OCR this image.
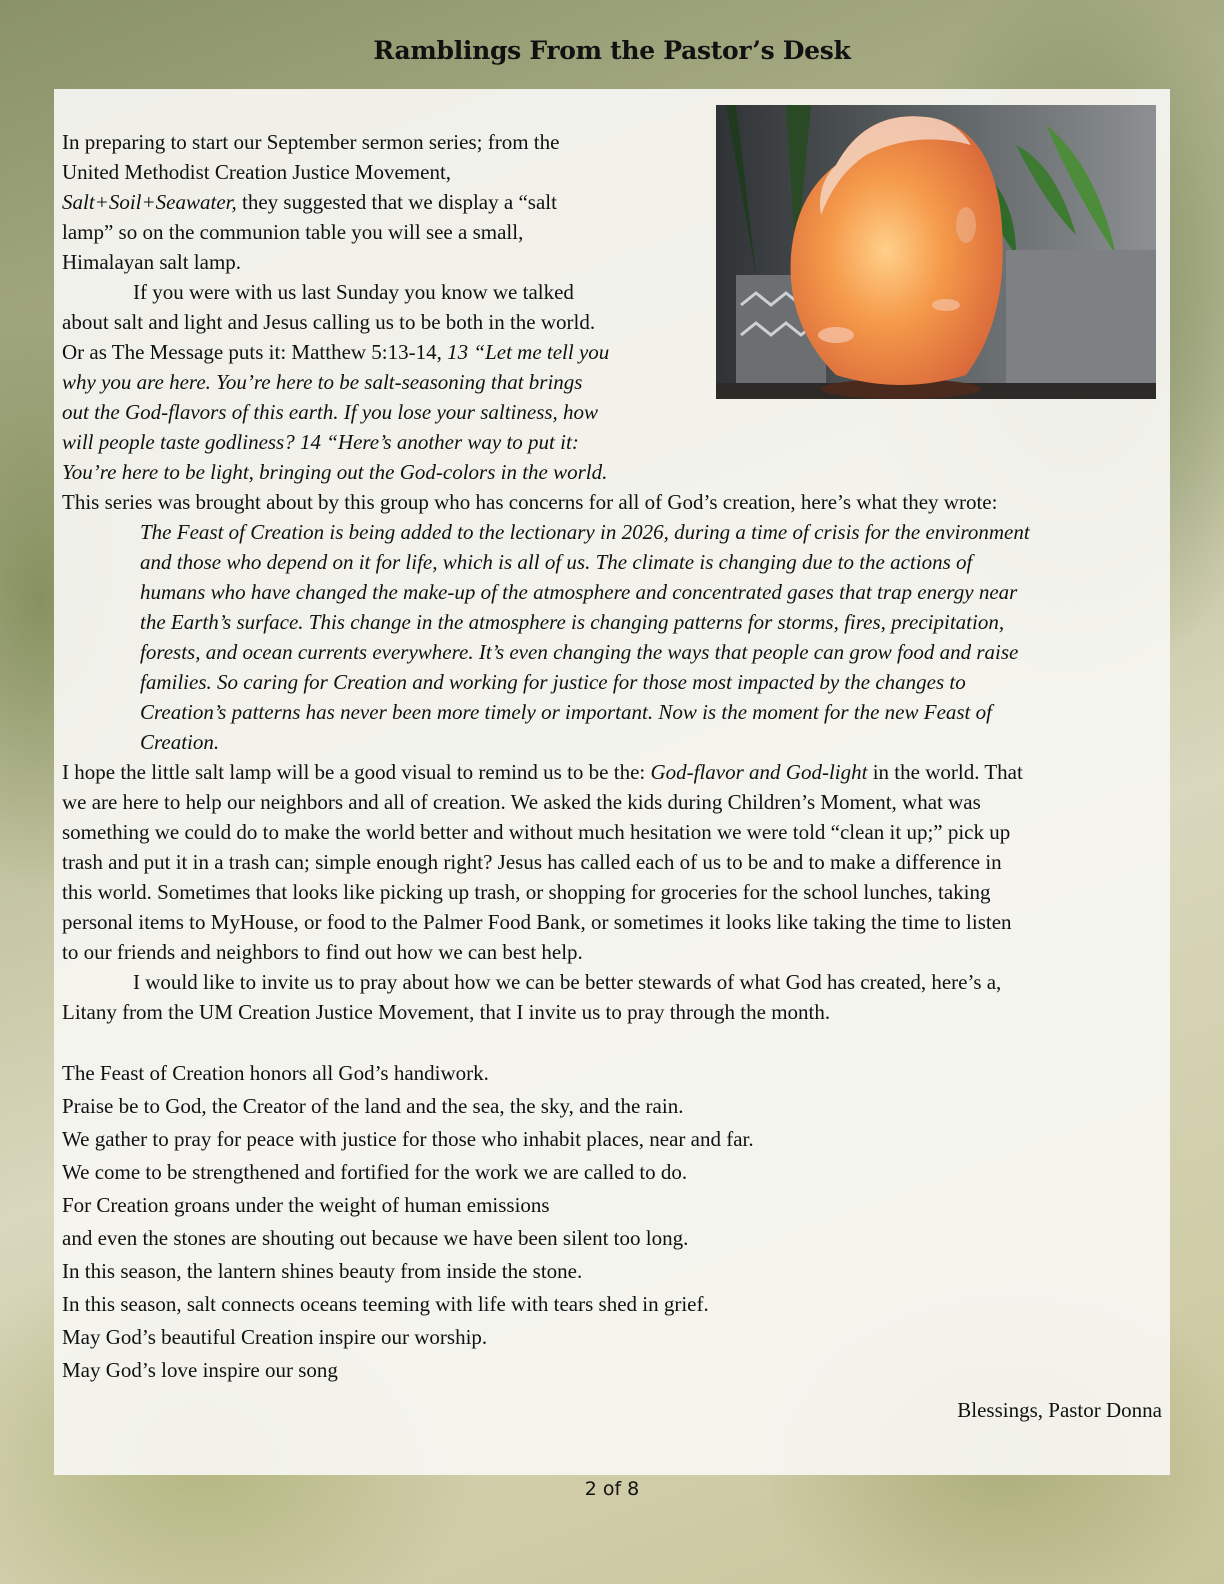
Ramblings From the Pastor’s Desk

In preparing to start our September sermon series; from the

United Methodist Creation Justice Movement,

Salt+Soil+Seawater, they suggested that we display a “salt

lamp” so on the communion table you will see a small,

Himalayan salt lamp.

If you were with us last Sunday you know we talked

about salt and light and Jesus calling us to be both in the world.

Or as The Message puts it: Matthew 5:13-14, 13 “Let me tell you

why you are here. You’re here to be salt-seasoning that brings

out the God-flavors of this earth. If you lose your saltiness, how

will people taste godliness? 14 “Here’s another way to put it:

You’re here to be light, bringing out the God-colors in the world.

This series was brought about by this group who has concerns for all of God’s creation, here’s what they wrote:

The Feast of Creation is being added to the lectionary in 2026, during a time of crisis for the environment

and those who depend on it for life, which is all of us. The climate is changing due to the actions of

humans who have changed the make-up of the atmosphere and concentrated gases that trap energy near

the Earth’s surface. This change in the atmosphere is changing patterns for storms, fires, precipitation,

forests, and ocean currents everywhere. It’s even changing the ways that people can grow food and raise

families. So caring for Creation and working for justice for those most impacted by the changes to

Creation’s patterns has never been more timely or important. Now is the moment for the new Feast of

Creation.

I hope the little salt lamp will be a good visual to remind us to be the: God-flavor and God-light in the world. That

we are here to help our neighbors and all of creation. We asked the kids during Children’s Moment, what was

something we could do to make the world better and without much hesitation we were told “clean it up;” pick up

trash and put it in a trash can; simple enough right? Jesus has called each of us to be and to make a difference in

this world. Sometimes that looks like picking up trash, or shopping for groceries for the school lunches, taking

personal items to MyHouse, or food to the Palmer Food Bank, or sometimes it looks like taking the time to listen

to our friends and neighbors to find out how we can best help.

I would like to invite us to pray about how we can be better stewards of what God has created, here’s a,

Litany from the UM Creation Justice Movement, that I invite us to pray through the month.

The Feast of Creation honors all God’s handiwork.

Praise be to God, the Creator of the land and the sea, the sky, and the rain.

We gather to pray for peace with justice for those who inhabit places, near and far.

We come to be strengthened and fortified for the work we are called to do.

For Creation groans under the weight of human emissions

and even the stones are shouting out because we have been silent too long.

In this season, the lantern shines beauty from inside the stone.

In this season, salt connects oceans teeming with life with tears shed in grief.

May God’s beautiful Creation inspire our worship.

May God’s love inspire our song

Blessings, Pastor Donna
2 of 8
